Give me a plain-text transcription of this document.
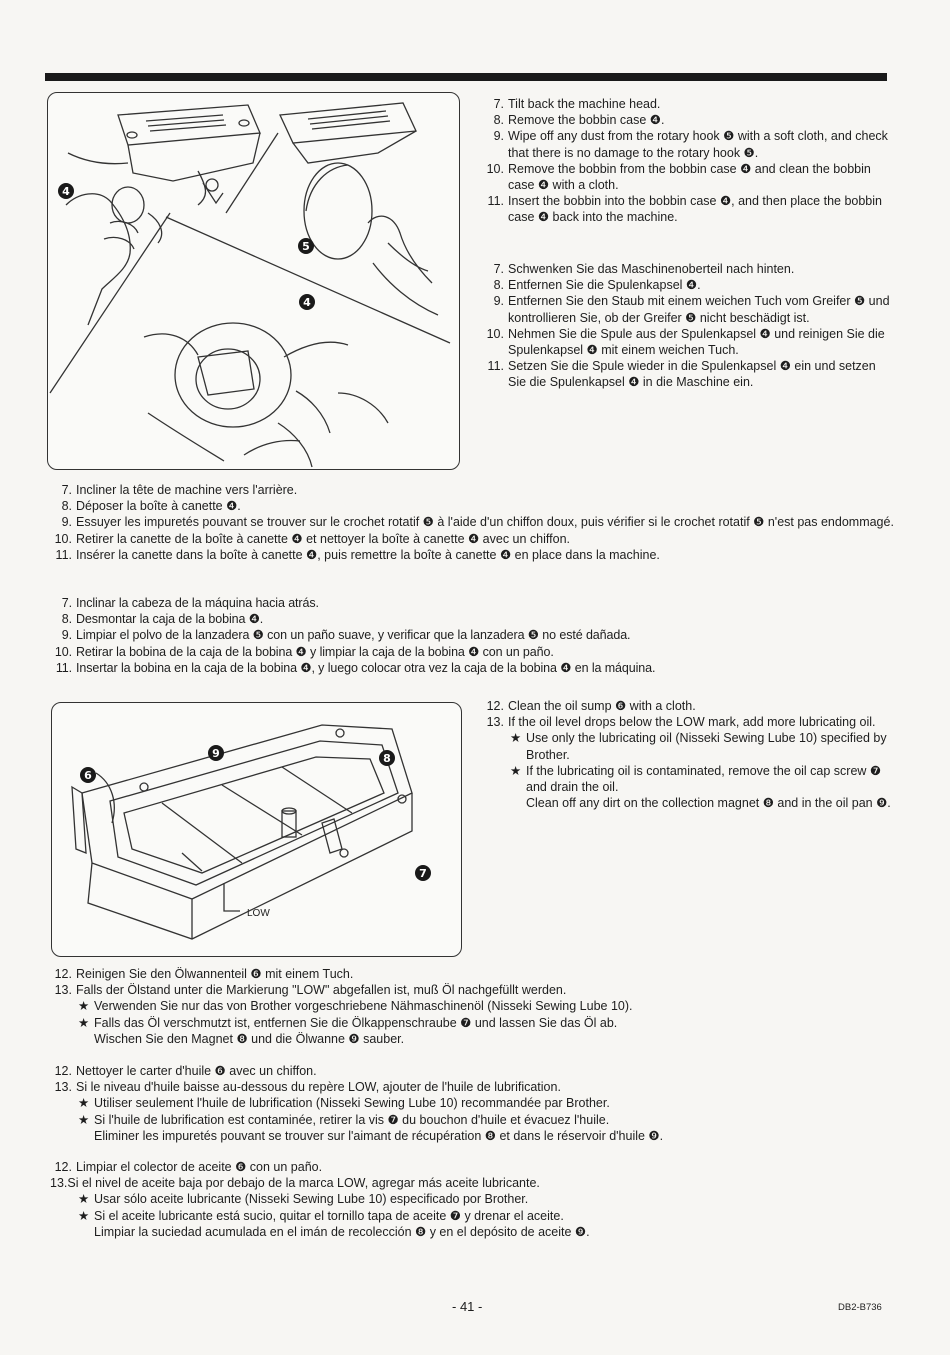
4
5
4
7. Tilt back the machine head.
8. Remove the bobbin case ❹.
9. Wipe off any dust from the rotary hook ❺ with a soft cloth, and check that there is no damage to the rotary hook ❺.
10. Remove the bobbin from the bobbin case ❹ and clean the bobbin case ❹ with a cloth.
11. Insert the bobbin into the bobbin case ❹, and then place the bobbin case ❹ back into the machine.
7. Schwenken Sie das Maschinenoberteil nach hinten.
8. Entfernen Sie die Spulenkapsel ❹.
9. Entfernen Sie den Staub mit einem weichen Tuch vom Greifer ❺ und kontrollieren Sie, ob der Greifer ❺ nicht beschädigt ist.
10. Nehmen Sie die Spule aus der Spulenkapsel ❹ und reinigen Sie die Spulenkapsel ❹ mit einem weichen Tuch.
11. Setzen Sie die Spule wieder in die Spulenkapsel ❹ ein und setzen Sie die Spulenkapsel ❹ in die Maschine ein.
7. Incliner la tête de machine vers l'arrière.
8. Déposer la boîte à canette ❹.
9. Essuyer les impuretés pouvant se trouver sur le crochet rotatif ❺ à l'aide d'un chiffon doux, puis vérifier si le crochet rotatif ❺ n'est pas endommagé.
10. Retirer la canette de la boîte à canette ❹ et nettoyer la boîte à canette ❹ avec un chiffon.
11. Insérer la canette dans la boîte à canette ❹, puis remettre la boîte à canette ❹ en place dans la machine.
7. Inclinar la cabeza de la máquina hacia atrás.
8. Desmontar la caja de la bobina ❹.
9. Limpiar el polvo de la lanzadera ❺ con un paño suave, y verificar que la lanzadera ❺ no esté dañada.
10. Retirar la bobina de la caja de la bobina ❹ y limpiar la caja de la bobina ❹ con un paño.
11. Insertar la bobina en la caja de la bobina ❹, y luego colocar otra vez la caja de la bobina ❹ en la máquina.
6
9	8
7
LOW
12. Clean the oil sump ❻ with a cloth.
13. If the oil level drops below the LOW mark, add more lubricating oil.
★ Use only the lubricating oil (Nisseki Sewing Lube 10) specified by Brother.
★ If the lubricating oil is contaminated, remove the oil cap screw ❼ and drain the oil.
Clean off any dirt on the collection magnet ❽ and in the oil pan ❾.
12. Reinigen Sie den Ölwannenteil ❻ mit einem Tuch.
13. Falls der Ölstand unter die Markierung "LOW" abgefallen ist, muß Öl nachgefüllt werden.
★ Verwenden Sie nur das von Brother vorgeschriebene Nähmaschinenöl (Nisseki Sewing Lube 10).
★ Falls das Öl verschmutzt ist, entfernen Sie die Ölkappenschraube ❼ und lassen Sie das Öl ab.
Wischen Sie den Magnet ❽ und die Ölwanne ❾ sauber.
12. Nettoyer le carter d'huile ❻ avec un chiffon.
13. Si le niveau d'huile baisse au-dessous du repère LOW, ajouter de l'huile de lubrification.
★ Utiliser seulement l'huile de lubrification (Nisseki Sewing Lube 10) recommandée par Brother.
★ Si l'huile de lubrification est contaminée, retirer la vis ❼ du bouchon d'huile et évacuez l'huile.
Eliminer les impuretés pouvant se trouver sur l'aimant de récupération ❽ et dans le réservoir d'huile ❾.
12. Limpiar el colector de aceite ❻ con un paño.
13.Si el nivel de aceite baja por debajo de la marca LOW, agregar más aceite lubricante.
★ Usar sólo aceite lubricante (Nisseki Sewing Lube 10) especificado por Brother.
★ Si el aceite lubricante está sucio, quitar el tornillo tapa de aceite ❼ y drenar el aceite.
Limpiar la suciedad acumulada en el imán de recolección ❽ y en el depósito de aceite ❾.
- 41 -	DB2-B736
